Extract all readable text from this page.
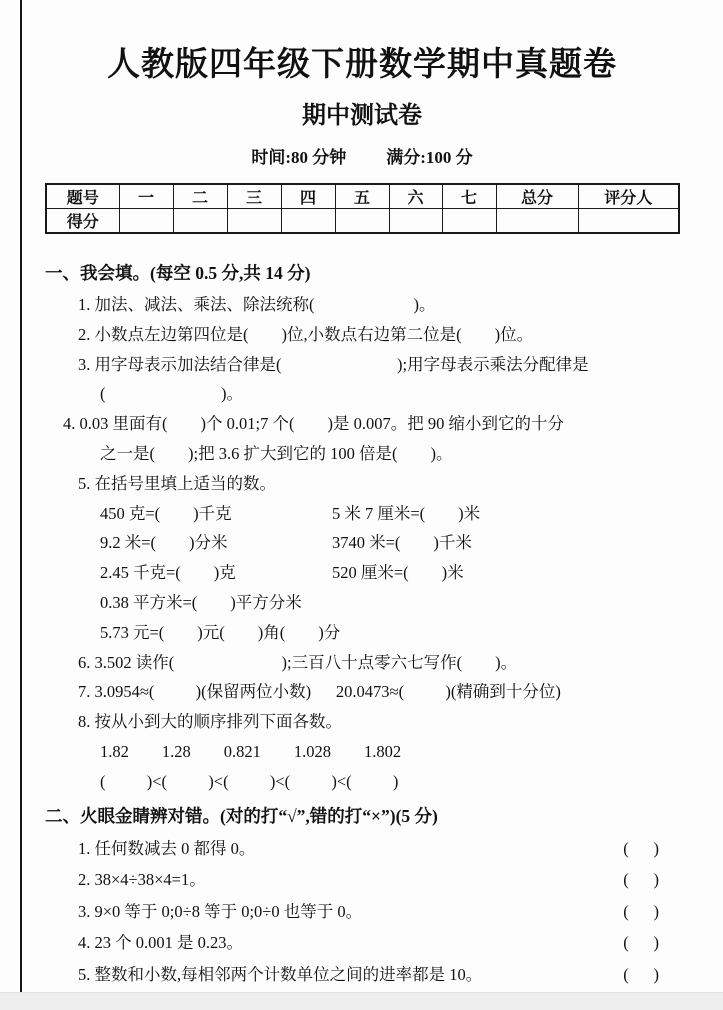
人教版四年级下册数学期中真题卷
期中测试卷
时间:80 分钟 满分:100 分
题号	一	二	三	四	五	六	七	总分	评分人
得分									
一、我会填。(每空 0.5 分,共 14 分)
1. 加法、减法、乘法、除法统称(                        )。
2. 小数点左边第四位是(        )位,小数点右边第二位是(        )位。
3. 用字母表示加法结合律是(                            );用字母表示乘法分配律是
(                            )。
4. 0.03 里面有(        )个 0.01;7 个(        )是 0.007。把 90 缩小到它的十分
之一是(        );把 3.6 扩大到它的 100 倍是(        )。
5. 在括号里填上适当的数。
450 克=(        )千克	5 米 7 厘米=(        )米
9.2 米=(        )分米	3740 米=(        )千米
2.45 千克=(        )克	520 厘米=(        )米
0.38 平方米=(        )平方分米
5.73 元=(        )元(        )角(        )分
6. 3.502 读作(                          );三百八十点零六七写作(        )。
7. 3.0954≈(          )(保留两位小数)      20.0473≈(          )(精确到十分位)
8. 按从小到大的顺序排列下面各数。
1.82        1.28        0.821        1.028        1.802
(          )<(          )<(          )<(          )<(          )
二、火眼金睛辨对错。(对的打“√”,错的打“×”)(5 分)
1. 任何数减去 0 都得 0。	(      )
2. 38×4÷38×4=1。	(      )
3. 9×0 等于 0;0÷8 等于 0;0÷0 也等于 0。	(      )
4. 23 个 0.001 是 0.23。	(      )
5. 整数和小数,每相邻两个计数单位之间的进率都是 10。	(      )
